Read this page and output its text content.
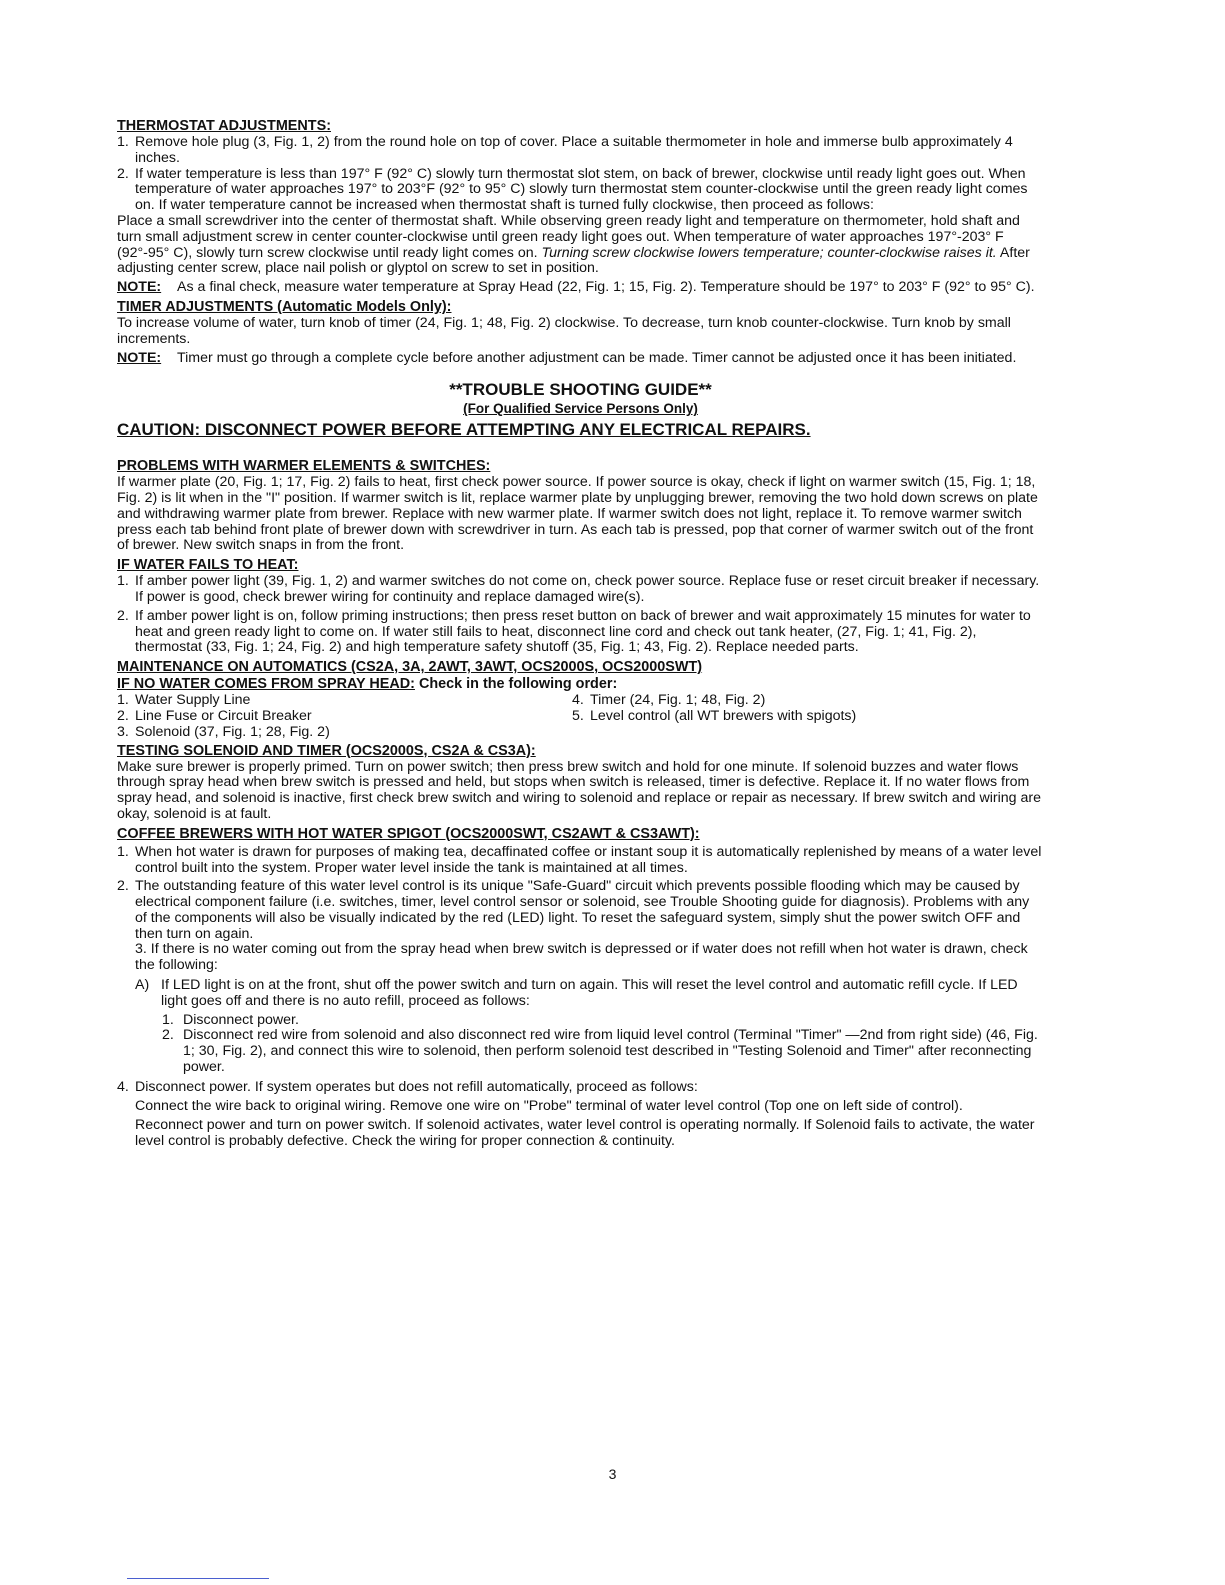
THERMOSTAT ADJUSTMENTS:
1. Remove hole plug (3, Fig. 1, 2) from the round hole on top of cover. Place a suitable thermometer in hole and immerse bulb approximately 4 inches.
2. If water temperature is less than 197° F (92° C) slowly turn thermostat slot stem, on back of brewer, clockwise until ready light goes out. When temperature of water approaches 197° to 203°F (92° to 95° C) slowly turn thermostat stem counter-clockwise until the green ready light comes on. If water temperature cannot be increased when thermostat shaft is turned fully clockwise, then proceed as follows:

Place a small screwdriver into the center of thermostat shaft. While observing green ready light and temperature on thermometer, hold shaft and turn small adjustment screw in center counter-clockwise until green ready light goes out. When temperature of water approaches 197°-203° F (92°-95° C), slowly turn screw clockwise until ready light comes on. Turning screw clockwise lowers temperature; counter-clockwise raises it. After adjusting center screw, place nail polish or glyptol on screw to set in position.

NOTE: As a final check, measure water temperature at Spray Head (22, Fig. 1; 15, Fig. 2). Temperature should be 197° to 203° F (92° to 95° C).
TIMER ADJUSTMENTS (Automatic Models Only):

To increase volume of water, turn knob of timer (24, Fig. 1; 48, Fig. 2) clockwise. To decrease, turn knob counter-clockwise. Turn knob by small increments.

NOTE: Timer must go through a complete cycle before another adjustment can be made. Timer cannot be adjusted once it has been initiated.
**TROUBLE SHOOTING GUIDE**
(For Qualified Service Persons Only)
CAUTION: DISCONNECT POWER BEFORE ATTEMPTING ANY ELECTRICAL REPAIRS.
PROBLEMS WITH WARMER ELEMENTS & SWITCHES:

If warmer plate (20, Fig. 1; 17, Fig. 2) fails to heat, first check power source. If power source is okay, check if light on warmer switch (15, Fig. 1; 18, Fig. 2) is lit when in the "I" position. If warmer switch is lit, replace warmer plate by unplugging brewer, removing the two hold down screws on plate and withdrawing warmer plate from brewer. Replace with new warmer plate. If warmer switch does not light, replace it. To remove warmer switch press each tab behind front plate of brewer down with screwdriver in turn. As each tab is pressed, pop that corner of warmer switch out of the front of brewer. New switch snaps in from the front.

IF WATER FAILS TO HEAT:
1. If amber power light (39, Fig. 1, 2) and warmer switches do not come on, check power source. Replace fuse or reset circuit breaker if necessary. If power is good, check brewer wiring for continuity and replace damaged wire(s).
2. If amber power light is on, follow priming instructions; then press reset button on back of brewer and wait approximately 15 minutes for water to heat and green ready light to come on. If water still fails to heat, disconnect line cord and check out tank heater, (27, Fig. 1; 41, Fig. 2), thermostat (33, Fig. 1; 24, Fig. 2) and high temperature safety shutoff (35, Fig. 1; 43, Fig. 2). Replace needed parts.
MAINTENANCE ON AUTOMATICS (CS2A, 3A, 2AWT, 3AWT, OCS2000S, OCS2000SWT)
IF NO WATER COMES FROM SPRAY HEAD: Check in the following order:
1. Water Supply Line
2. Line Fuse or Circuit Breaker
3. Solenoid (37, Fig. 1; 28, Fig. 2)
4. Timer (24, Fig. 1; 48, Fig. 2)
5. Level control (all WT brewers with spigots)
TESTING SOLENOID AND TIMER (OCS2000S, CS2A & CS3A):

Make sure brewer is properly primed. Turn on power switch; then press brew switch and hold for one minute. If solenoid buzzes and water flows through spray head when brew switch is pressed and held, but stops when switch is released, timer is defective. Replace it. If no water flows from spray head, and solenoid is inactive, first check brew switch and wiring to solenoid and replace or repair as necessary. If brew switch and wiring are okay, solenoid is at fault.

COFFEE BREWERS WITH HOT WATER SPIGOT (OCS2000SWT, CS2AWT & CS3AWT):
1. When hot water is drawn for purposes of making tea, decaffinated coffee or instant soup it is automatically replenished by means of a water level control built into the system. Proper water level inside the tank is maintained at all times.
2. The outstanding feature of this water level control is its unique "Safe-Guard" circuit which prevents possible flooding which may be caused by electrical component failure (i.e. switches, timer, level control sensor or solenoid, see Trouble Shooting guide for diagnosis). Problems with any of the components will also be visually indicated by the red (LED) light. To reset the safeguard system, simply shut the power switch OFF and then turn on again.

3. If there is no water coming out from the spray head when brew switch is depressed or if water does not refill when hot water is drawn, check the following:

A) If LED light is on at the front, shut off the power switch and turn on again. This will reset the level control and automatic refill cycle. If LED light goes off and there is no auto refill, proceed as follows:
1. Disconnect power.
2. Disconnect red wire from solenoid and also disconnect red wire from liquid level control (Terminal "Timer" —2nd from right side) (46, Fig. 1; 30, Fig. 2), and connect this wire to solenoid, then perform solenoid test described in "Testing Solenoid and Timer" after reconnecting power.
4. Disconnect power. If system operates but does not refill automatically, proceed as follows:

Connect the wire back to original wiring. Remove one wire on "Probe" terminal of water level control (Top one on left side of control).

Reconnect power and turn on power switch. If solenoid activates, water level control is operating normally. If Solenoid fails to activate, the water level control is probably defective. Check the wiring for proper connection & continuity.

3
